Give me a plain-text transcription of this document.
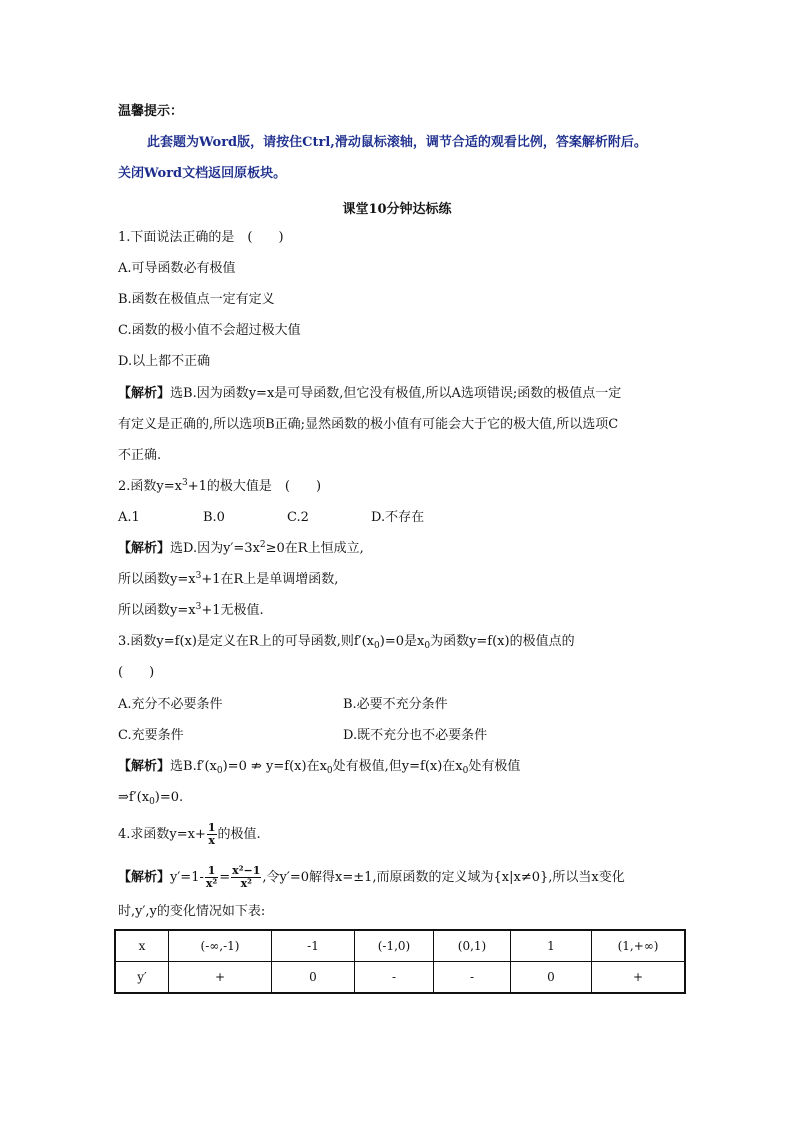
温馨提示：
此套题为Word版，请按住Ctrl,滑动鼠标滚轴，调节合适的观看比例，答案解析附后。
关闭Word文档返回原板块。
课堂10分钟达标练
1.下面说法正确的是　(　　)
A.可导函数必有极值
B.函数在极值点一定有定义
C.函数的极小值不会超过极大值
D.以上都不正确
【解析】选B.因为函数y=x是可导函数,但它没有极值,所以A选项错误;函数的极值点一定
有定义是正确的,所以选项B正确;显然函数的极小值有可能会大于它的极大值,所以选项C
不正确.
2.函数$y=x^3+1$的极大值是　(　　)
A.1	B.0	C.2	D.不存在
【解析】选D.因为$y'=3x^2\ge 0$在R上恒成立,
所以函数$y=x^3+1$在R上是单调增函数,
所以函数$y=x^3+1$无极值.
3.函数y=f(x)是定义在R上的可导函数,则$f'(x_0)=0$是$x_0$为函数y=f(x)的极值点的
(　　)
A.充分不必要条件	B.必要不充分条件
C.充要条件	D.既不充分也不必要条件
【解析】选$B.f'(x_0)=0$ ⇏ y=f(x)在$x_0$处有极值,但y=f(x)在$x_0$处有极值
$\Rightarrow f'(x_0)=0$.
4.求函数$y=x+ \frac{1}{x}$ 的极值.
【解析】$y'=1- \frac{1}{\text{x²}} = \frac{\text{x²−1}}{\text{x²}}$ ,令y′=0解得x=±1,而原函数的定义域为{x|x≠0},所以当x变化
时,y′,y的变化情况如下表:
x	(-∞,-1)	-1	(-1,0)	(0,1)	1	(1,+∞)
y′	+	0	-	-	0	+
